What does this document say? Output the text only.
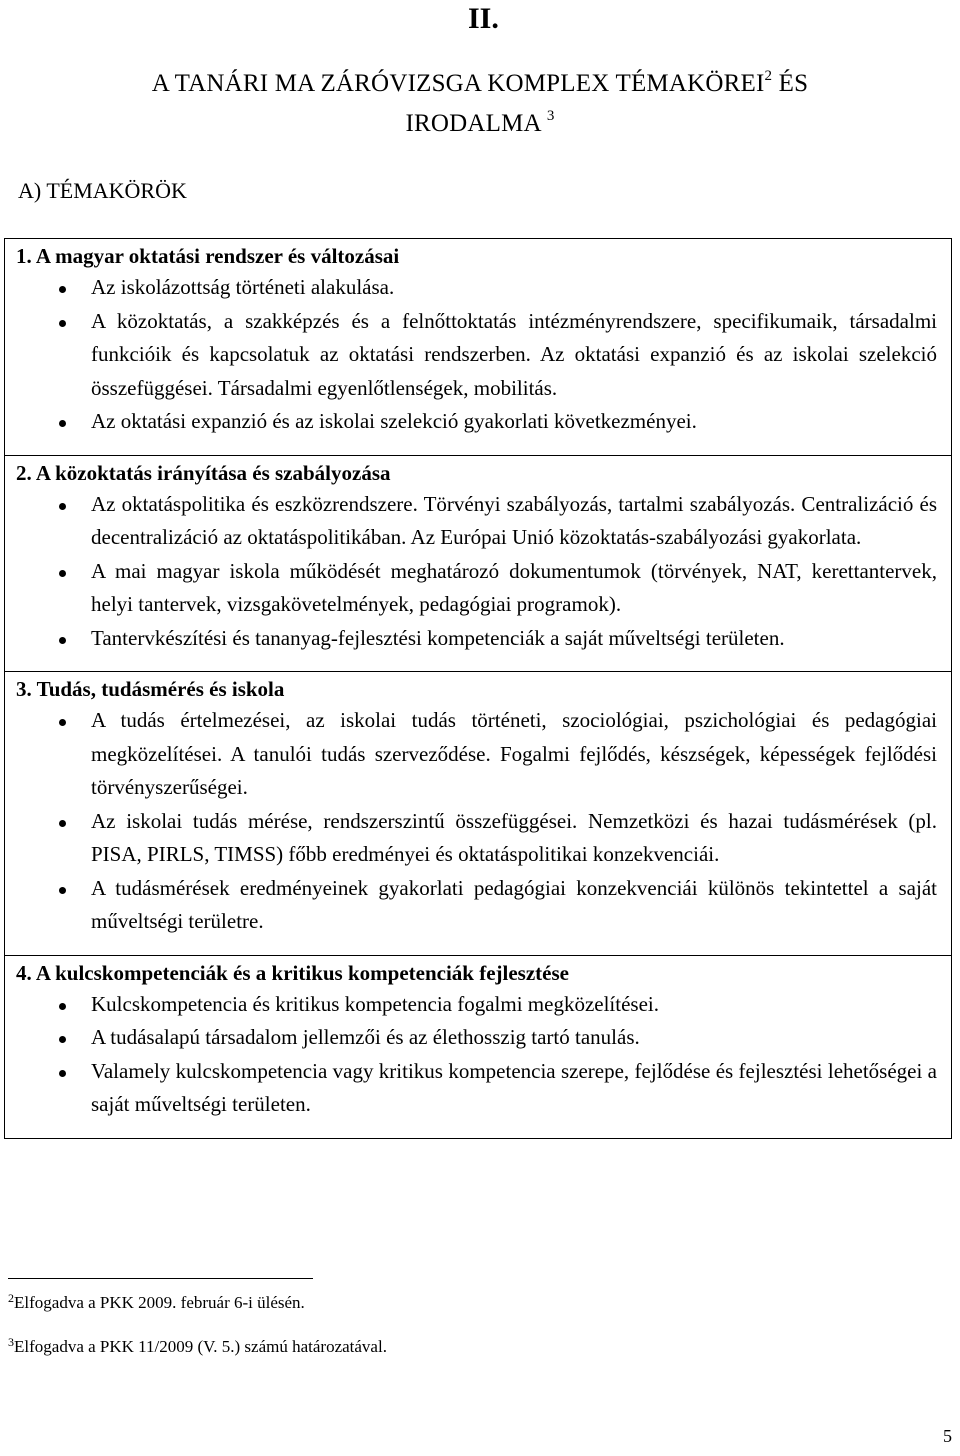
II.
A TANÁRI MA ZÁRÓVIZSGA KOMPLEX TÉMAKÖREI$^2$ ÉS
IRODALMA $^3$
A) TÉMAKÖRÖK
1. A magyar oktatási rendszer és változásai
Az iskolázottság történeti alakulása.
A közoktatás, a szakképzés és a felnőttoktatás intézményrendszere, specifikumaik, társadalmi funkcióik és kapcsolatuk az oktatási rendszerben. Az oktatási expanzió és az iskolai szelekció összefüggései. Társadalmi egyenlőtlenségek, mobilitás.
Az oktatási expanzió és az iskolai szelekció gyakorlati következményei.
2. A közoktatás irányítása és szabályozása
Az oktatáspolitika és eszközrendszere. Törvényi szabályozás, tartalmi szabályozás. Centralizáció és decentralizáció az oktatáspolitikában. Az Európai Unió közoktatás-szabályozási gyakorlata.
A mai magyar iskola működését meghatározó dokumentumok (törvények, NAT, kerettantervek, helyi tantervek, vizsgakövetelmények, pedagógiai programok).
Tantervkészítési és tananyag-fejlesztési kompetenciák a saját műveltségi területen.
3. Tudás, tudásmérés és iskola
A tudás értelmezései, az iskolai tudás történeti, szociológiai, pszichológiai és pedagógiai megközelítései. A tanulói tudás szerveződése. Fogalmi fejlődés, készségek, képességek fejlődési törvényszerűségei.
Az iskolai tudás mérése, rendszerszintű összefüggései. Nemzetközi és hazai tudásmérések (pl. PISA, PIRLS, TIMSS) főbb eredményei és oktatáspolitikai konzekvenciái.
A tudásmérések eredményeinek gyakorlati pedagógiai konzekvenciái különös tekintettel a saját műveltségi területre.
4. A kulcskompetenciák és a kritikus kompetenciák fejlesztése
Kulcskompetencia és kritikus kompetencia fogalmi megközelítései.
A tudásalapú társadalom jellemzői és az élethosszig tartó tanulás.
Valamely kulcskompetencia vagy kritikus kompetencia szerepe, fejlődése és fejlesztési lehetőségei a saját műveltségi területen.

$^2$Elfogadva a PKK 2009. február 6-i ülésén.

$^3$Elfogadva a PKK 11/2009 (V. 5.) számú határozatával.

5
